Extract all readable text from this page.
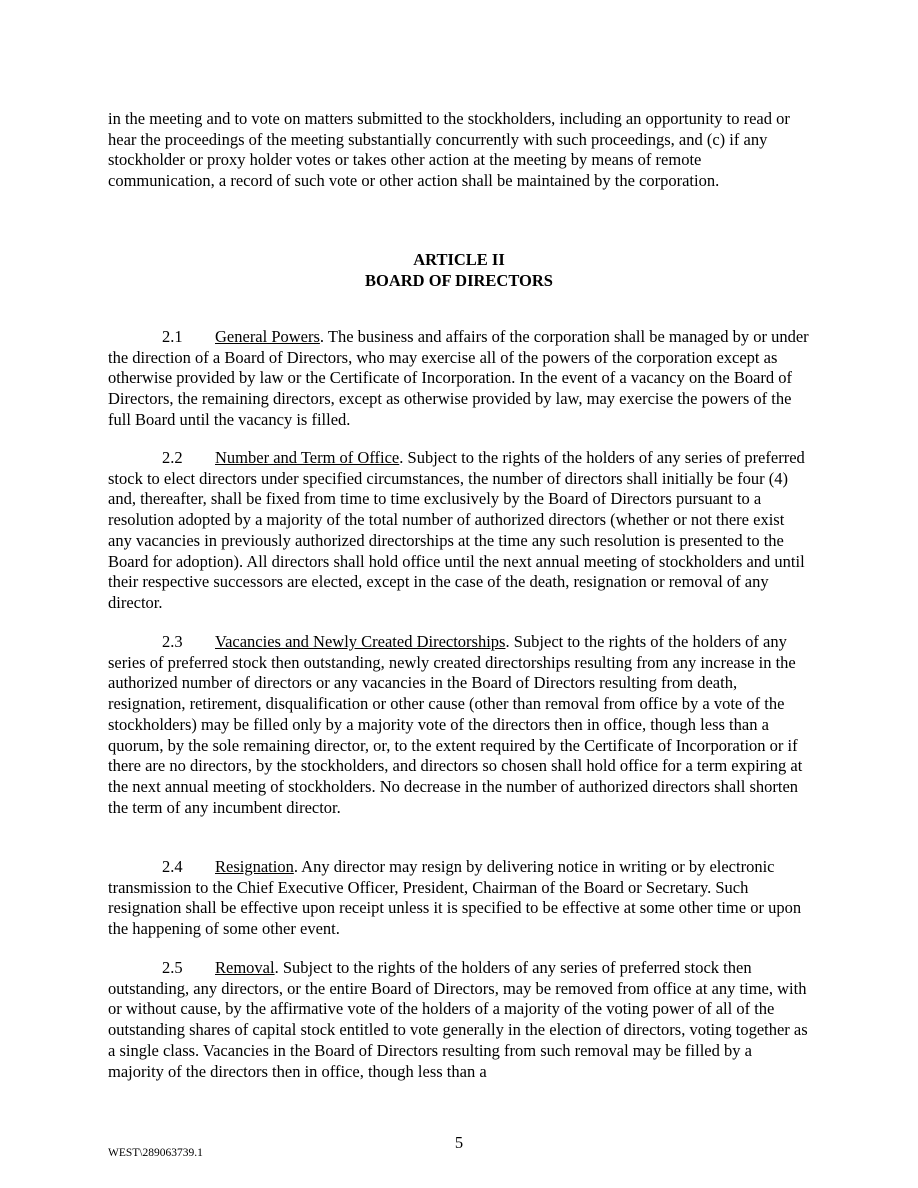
in the meeting and to vote on matters submitted to the stockholders, including an opportunity to read or hear the proceedings of the meeting substantially concurrently with such proceedings, and (c) if any stockholder or proxy holder votes or takes other action at the meeting by means of remote communication, a record of such vote or other action shall be maintained by the corporation.
ARTICLE II
BOARD OF DIRECTORS
2.1 General Powers. The business and affairs of the corporation shall be managed by or under the direction of a Board of Directors, who may exercise all of the powers of the corporation except as otherwise provided by law or the Certificate of Incorporation. In the event of a vacancy on the Board of Directors, the remaining directors, except as otherwise provided by law, may exercise the powers of the full Board until the vacancy is filled.
2.2 Number and Term of Office. Subject to the rights of the holders of any series of preferred stock to elect directors under specified circumstances, the number of directors shall initially be four (4) and, thereafter, shall be fixed from time to time exclusively by the Board of Directors pursuant to a resolution adopted by a majority of the total number of authorized directors (whether or not there exist any vacancies in previously authorized directorships at the time any such resolution is presented to the Board for adoption). All directors shall hold office until the next annual meeting of stockholders and until their respective successors are elected, except in the case of the death, resignation or removal of any director.
2.3 Vacancies and Newly Created Directorships. Subject to the rights of the holders of any series of preferred stock then outstanding, newly created directorships resulting from any increase in the authorized number of directors or any vacancies in the Board of Directors resulting from death, resignation, retirement, disqualification or other cause (other than removal from office by a vote of the stockholders) may be filled only by a majority vote of the directors then in office, though less than a quorum, by the sole remaining director, or, to the extent required by the Certificate of Incorporation or if there are no directors, by the stockholders, and directors so chosen shall hold office for a term expiring at the next annual meeting of stockholders. No decrease in the number of authorized directors shall shorten the term of any incumbent director.
2.4 Resignation. Any director may resign by delivering notice in writing or by electronic transmission to the Chief Executive Officer, President, Chairman of the Board or Secretary. Such resignation shall be effective upon receipt unless it is specified to be effective at some other time or upon the happening of some other event.
2.5 Removal. Subject to the rights of the holders of any series of preferred stock then outstanding, any directors, or the entire Board of Directors, may be removed from office at any time, with or without cause, by the affirmative vote of the holders of a majority of the voting power of all of the outstanding shares of capital stock entitled to vote generally in the election of directors, voting together as a single class. Vacancies in the Board of Directors resulting from such removal may be filled by a majority of the directors then in office, though less than a
5
WEST\289063739.1
